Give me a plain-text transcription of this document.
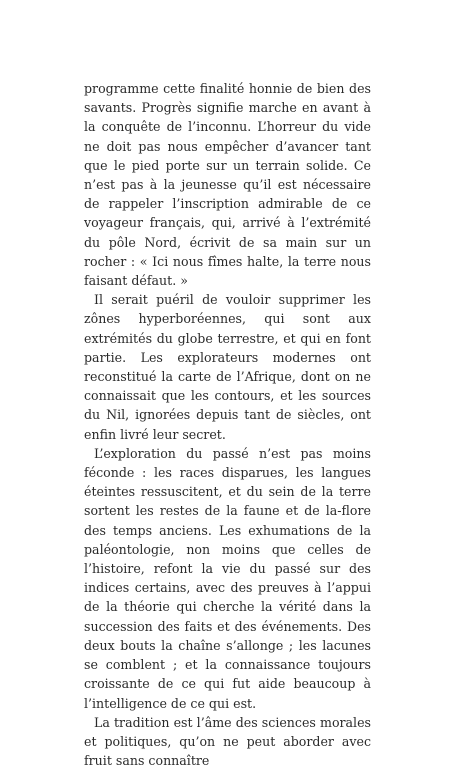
programme cette finalité honnie de bien des savants. Progrès signifie marche en avant à la conquête de l’inconnu. L’horreur du vide ne doit pas nous empêcher d’avancer tant que le pied porte sur un terrain solide. Ce n’est pas à la jeunesse qu’il est nécessaire de rappeler l’inscription admirable de ce voyageur français, qui, arrivé à l’extrémité du pôle Nord, écrivit de sa main sur un rocher : « Ici nous fîmes halte, la terre nous faisant défaut. »

Il serait puéril de vouloir supprimer les zônes hyperboréennes, qui sont aux extrémités du globe terrestre, et qui en font partie. Les explorateurs modernes ont reconstitué la carte de l’Afrique, dont on ne connaissait que les contours, et les sources du Nil, ignorées depuis tant de siècles, ont enfin livré leur secret.

L’exploration du passé n’est pas moins féconde : les races disparues, les langues éteintes ressuscitent, et du sein de la terre sortent les restes de la faune et de la-flore des temps anciens. Les exhumations de la paléontologie, non moins que celles de l’histoire, refont la vie du passé sur des indices certains, avec des preuves à l’appui de la théorie qui cherche la vérité dans la succession des faits et des événements. Des deux bouts la chaîne s’allonge ; les lacunes se comblent ; et la connaissance toujours croissante de ce qui fut aide beaucoup à l’intelligence de ce qui est.

La tradition est l’âme des sciences morales et politiques, qu’on ne peut aborder avec fruit sans connaître
